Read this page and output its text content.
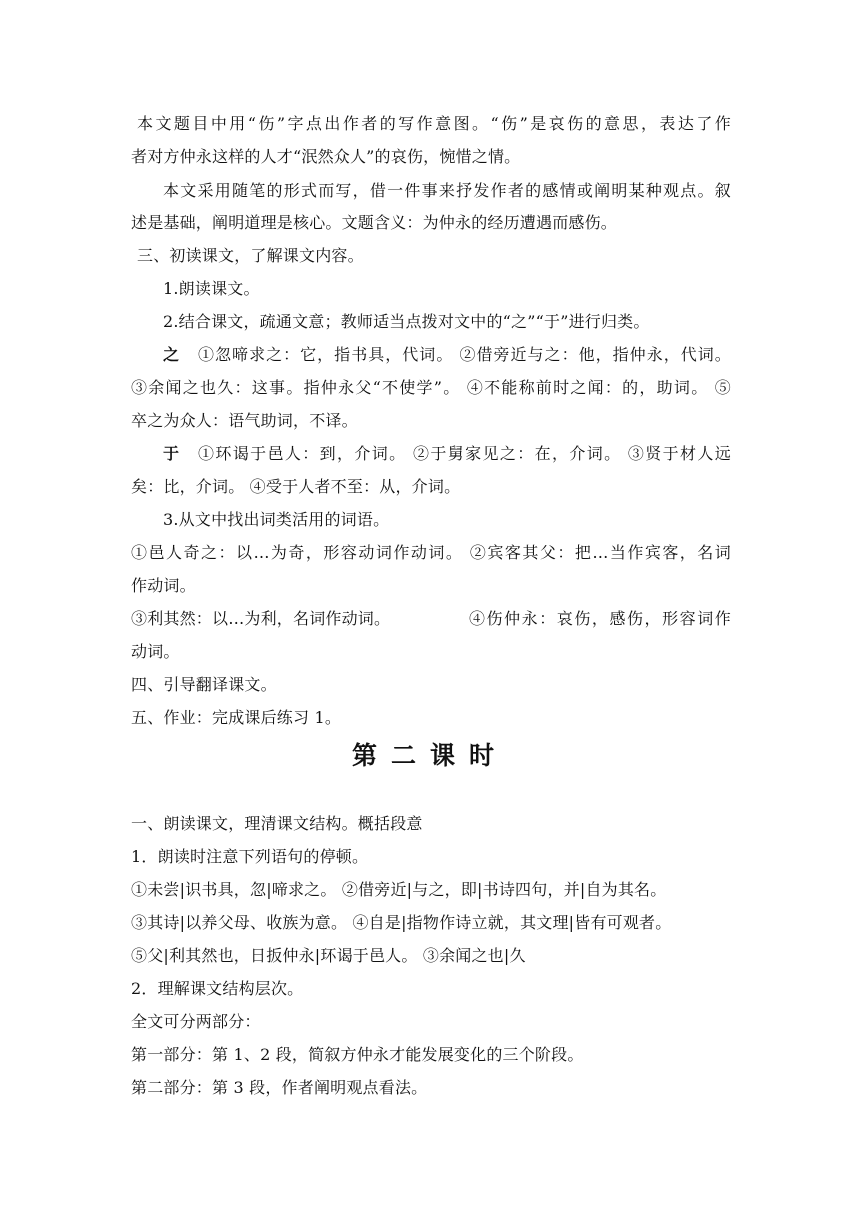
本文题目中用“伤”字点出作者的写作意图。“伤”是哀伤的意思，表达了作
者对方仲永这样的人才“泯然众人”的哀伤，惋惜之情。
本文采用随笔的形式而写，借一件事来抒发作者的感情或阐明某种观点。叙
述是基础，阐明道理是核心。文题含义：为仲永的经历遭遇而感伤。
三、初读课文，了解课文内容。
1.朗读课文。
2.结合课文，疏通文意；教师适当点拨对文中的“之”“于”进行归类。
之	①忽啼求之：它，指书具，代词。 ②借旁近与之：他，指仲永，代词。
③余闻之也久：这事。指仲永父“不使学”。 ④不能称前时之闻：的，助词。 ⑤
卒之为众人：语气助词，不译。
于	①环谒于邑人：到，介词。 ②于舅家见之：在，介词。 ③贤于材人远
矣：比，介词。 ④受于人者不至：从，介词。
3.从文中找出词类活用的词语。
①邑人奇之：以…为奇，形容动词作动词。 ②宾客其父：把…当作宾客，名词
作动词。
③利其然：以…为利，名词作动词。	④伤仲永：哀伤，感伤，形容词作
动词。
四、引导翻译课文。
五、作业：完成课后练习 1。
第二课时
一、朗读课文，理清课文结构。概括段意
1．朗读时注意下列语句的停顿。
①未尝|识书具，忽|啼求之。 ②借旁近|与之，即|书诗四句，并|自为其名。
③其诗|以养父母、收族为意。 ④自是|指物作诗立就，其文理|皆有可观者。
⑤父|利其然也，日扳仲永|环谒于邑人。 ③余闻之也|久
2．理解课文结构层次。
全文可分两部分：
第一部分：第 1、2 段，简叙方仲永才能发展变化的三个阶段。
第二部分：第 3 段，作者阐明观点看法。
